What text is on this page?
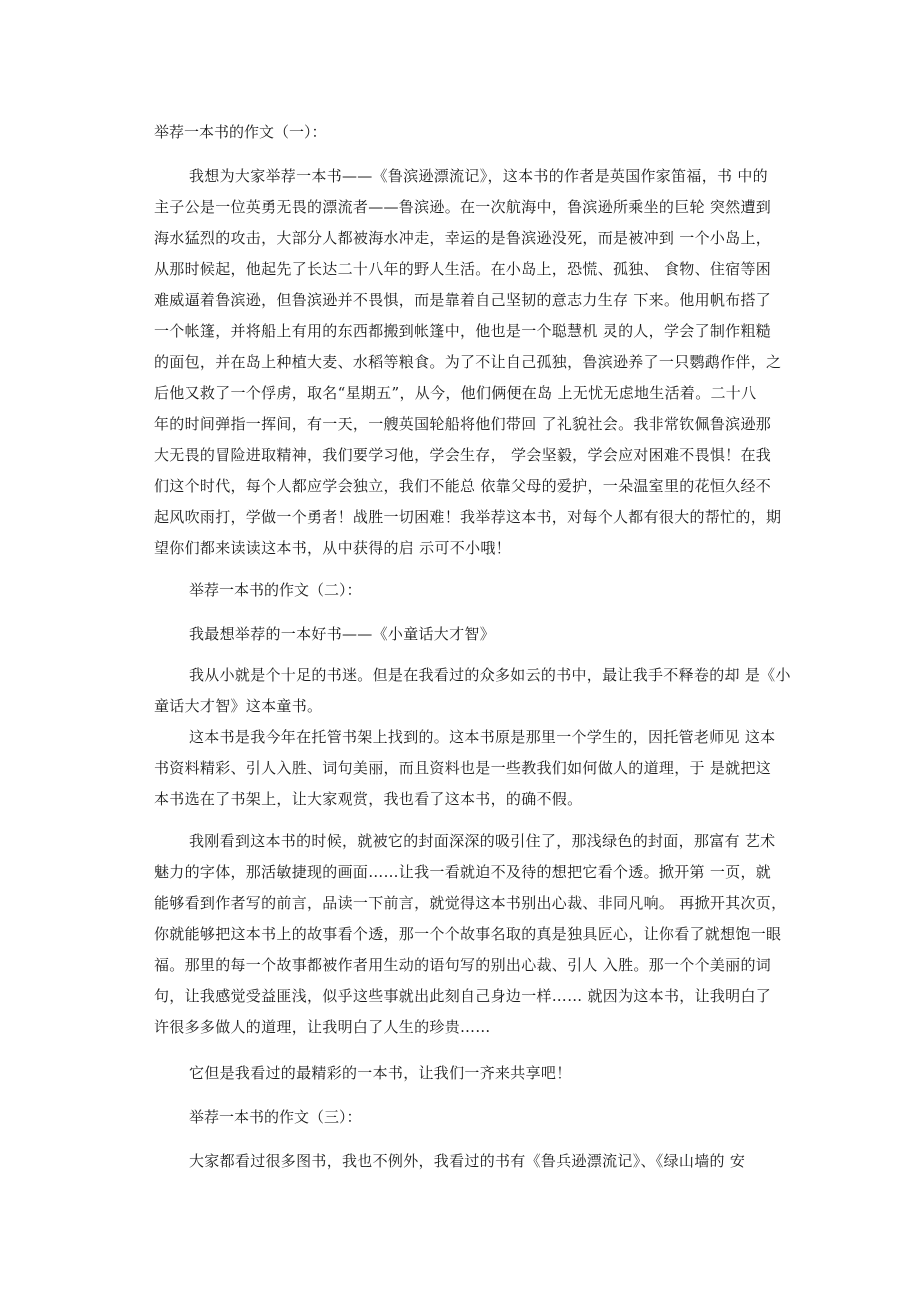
举荐一本书的作文（一）：
我想为大家举荐一本书——《鲁滨逊漂流记》，这本书的作者是英国作家笛福，书 中的
主子公是一位英勇无畏的漂流者——鲁滨逊。在一次航海中，鲁滨逊所乘坐的巨轮 突然遭到
海水猛烈的攻击，大部分人都被海水冲走，幸运的是鲁滨逊没死，而是被冲到 一个小岛上，
从那时候起，他起先了长达二十八年的野人生活。在小岛上，恐慌、孤独、 食物、住宿等困
难威逼着鲁滨逊，但鲁滨逊并不畏惧，而是靠着自己坚韧的意志力生存 下来。他用帆布搭了
一个帐篷，并将船上有用的东西都搬到帐篷中，他也是一个聪慧机 灵的人，学会了制作粗糙
的面包，并在岛上种植大麦、水稻等粮食。为了不让自己孤独，鲁滨逊养了一只鹦鹉作伴，之
后他又救了一个俘虏，取名“星期五”，从今，他们俩便在岛 上无忧无虑地生活着。二十八
年的时间弹指一挥间，有一天，一艘英国轮船将他们带回 了礼貌社会。我非常钦佩鲁滨逊那
大无畏的冒险进取精神，我们要学习他，学会生存， 学会坚毅，学会应对困难不畏惧！在我
们这个时代，每个人都应学会独立，我们不能总 依靠父母的爱护，一朵温室里的花恒久经不
起风吹雨打，学做一个勇者！战胜一切困难！我举荐这本书，对每个人都有很大的帮忙的，期
望你们都来读读这本书，从中获得的启 示可不小哦！
举荐一本书的作文（二）：
我最想举荐的一本好书——《小童话大才智》
我从小就是个十足的书迷。但是在我看过的众多如云的书中，最让我手不释卷的却 是《小
童话大才智》这本童书。
这本书是我今年在托管书架上找到的。这本书原是那里一个学生的，因托管老师见 这本
书资料精彩、引人入胜、词句美丽，而且资料也是一些教我们如何做人的道理，于 是就把这
本书选在了书架上，让大家观赏，我也看了这本书，的确不假。
我刚看到这本书的时候，就被它的封面深深的吸引住了，那浅绿色的封面，那富有 艺术
魅力的字体，那活敏捷现的画面……让我一看就迫不及待的想把它看个透。掀开第 一页，就
能够看到作者写的前言，品读一下前言，就觉得这本书别出心裁、非同凡响。 再掀开其次页，
你就能够把这本书上的故事看个透，那一个个故事名取的真是独具匠心，让你看了就想饱一眼
福。那里的每一个故事都被作者用生动的语句写的别出心裁、引人 入胜。那一个个美丽的词
句，让我感觉受益匪浅，似乎这些事就出此刻自己身边一样…… 就因为这本书，让我明白了
许很多多做人的道理，让我明白了人生的珍贵……
它但是我看过的最精彩的一本书，让我们一齐来共享吧！
举荐一本书的作文（三）：
大家都看过很多图书，我也不例外，我看过的书有《鲁兵逊漂流记》、《绿山墙的 安
